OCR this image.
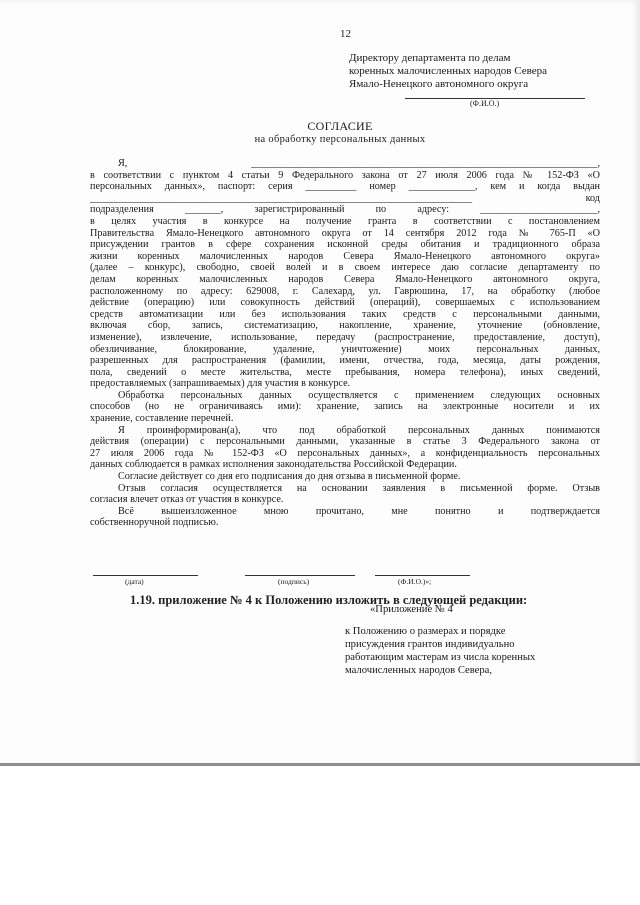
12
Директору департамента по делам
коренных малочисленных народов Севера
Ямало-Ненецкого автономного округа
(Ф.И.О.)
СОГЛАСИЕ
на обработку персональных данных
Я, ____________________________________________________________________,
в соответствии с пунктом 4 статьи 9 Федерального закона от 27 июля 2006 года № 152-ФЗ «О
персональных данных», паспорт: серия __________ номер _____________, кем и когда выдан
___________________________________________________________________________ код
подразделения _______, зарегистрированный по адресу: _______________________,
в целях участия в конкурсе на получение гранта в соответствии с постановлением
Правительства Ямало-Ненецкого автономного округа от 14 сентября 2012 года № 765-П «О
присуждении грантов в сфере сохранения исконной среды обитания и традиционного образа
жизни коренных малочисленных народов Севера Ямало-Ненецкого автономного округа»
(далее – конкурс), свободно, своей волей и в своем интересе даю согласие департаменту по
делам коренных малочисленных народов Севера Ямало-Ненецкого автономного округа,
расположенному по адресу: 629008, г. Салехард, ул. Гаврюшина, 17, на обработку (любое
действие (операцию) или совокупность действий (операций), совершаемых с использованием
средств автоматизации или без использования таких средств с персональными данными,
включая сбор, запись, систематизацию, накопление, хранение, уточнение (обновление,
изменение), извлечение, использование, передачу (распространение, предоставление, доступ),
обезличивание, блокирование, удаление, уничтожение) моих персональных данных,
разрешенных для распространения (фамилии, имени, отчества, года, месяца, даты рождения,
пола, сведений о месте жительства, месте пребывания, номера телефона), иных сведений,
предоставляемых (запрашиваемых) для участия в конкурсе.
Обработка персональных данных осуществляется с применением следующих основных
способов (но не ограничиваясь ими): хранение, запись на электронные носители и их
хранение, составление перечней.
Я проинформирован(а), что под обработкой персональных данных понимаются
действия (операции) с персональными данными, указанные в статье 3 Федерального закона от
27 июля 2006 года № 152-ФЗ «О персональных данных», а конфиденциальность персональных
данных соблюдается в рамках исполнения законодательства Российской Федерации.
Согласие действует со дня его подписания до дня отзыва в письменной форме.
Отзыв согласия осуществляется на основании заявления в письменной форме. Отзыв
согласия влечет отказ от участия в конкурсе.
Всё вышеизложенное мною прочитано, мне понятно и подтверждается
собственноручной подписью.
(дата)	(подпись)	(Ф.И.О.)»;
1.19. приложение № 4 к Положению изложить в следующей редакции:
«Приложение № 4
к Положению о размерах и порядке
присуждения грантов индивидуально
работающим мастерам из числа коренных
малочисленных народов Севера,
